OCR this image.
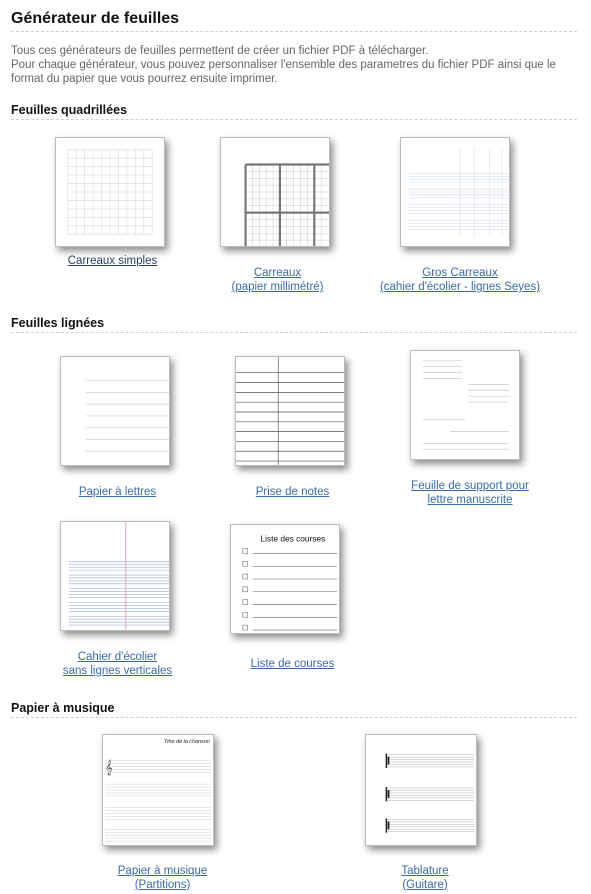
Générateur de feuilles

Tous ces générateurs de feuilles permettent de créer un fichier PDF à télécharger.

Pour chaque générateur, vous pouvez personnaliser l'ensemble des parametres du fichier PDF ainsi que le format du papier que vous pourrez ensuite imprimer.

Feuilles quadrillées
Carreaux simples
Carreaux
(papier millimétré)
Gros Carreaux
(cahier d'écolier - lignes Seyes)
Feuilles lignées
Papier à lettres	Prise de notes	Feuille de support pour
lettre manuscrite
Cahier d'écolier
sans lignes verticales
Liste des courses
Liste de courses
Papier à musique
Titre de la chanson
𝄞
Papier à musique
(Partitions)
Tablature
(Guitare)
